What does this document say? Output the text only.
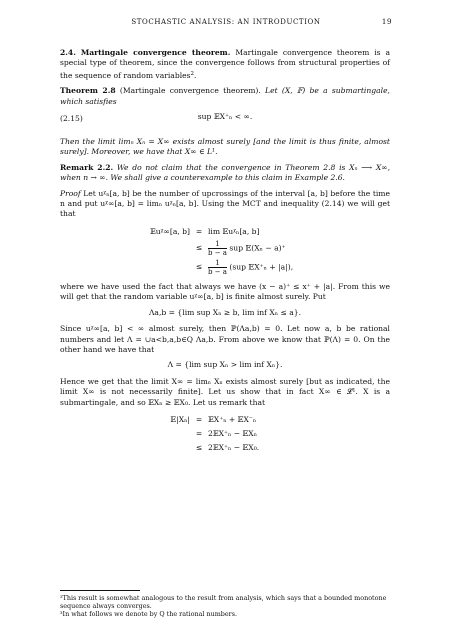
STOCHASTIC ANALYSIS: AN INTRODUCTION	19

2.4. Martingale convergence theorem. Martingale convergence theorem is a special type of theorem, since the convergence follows from structural properties of the sequence of random variables$^2$.

Theorem 2.8 (Martingale convergence theorem). Let (X, 𝔽) be a submartingale, which satisfies

(2.15)	sup 𝔼X⁺ₙ < ∞.

Then the limit limₙ Xₙ = X∞ exists almost surely [and the limit is thus finite, almost surely]. Moreover, we have that X∞ ∈ L¹.

Remark 2.2. We do not claim that the convergence in Theorem 2.8 is Xₙ ⟶ X∞, when n → ∞. We shall give a counterexample to this claim in Example 2.6.

Proof Let uᵡₙ[a, b] be the number of upcrossings of the interval [a, b] before the time n and put uᵡ∞[a, b] = limₙ uᵡₙ[a, b]. Using the MCT and inequality (2.14) we will get that

𝔼uᵡ∞[a, b] = lim 𝔼uᵡₙ[a, b]
≤ $\frac{1}{b - a}$ sup 𝔼(Xₙ − a)⁺
≤ $\frac{1}{b - a} (sup$ 𝔼X⁺ₙ + |a|),

where we have used the fact that always we have (x − a)⁺ ≤ x⁺ + |a|. From this we will get that the random variable uᵡ∞[a, b] is finite almost surely. Put

Λa,b = {lim sup Xₙ ≥ b, lim inf Xₙ ≤ a}.

Since uᵡ∞[a, b] < ∞ almost surely, then ℙ(Λa,b) = 0. Let now a, b be rational numbers and let Λ = ∪a<b,a,b∈Q Λa,b. From above we know that ℙ(Λ) = 0. On the other hand we have that

Λ = {lim sup Xₙ > lim inf Xₙ}.

Hence we get that the limit X∞ = limₙ Xₙ exists almost surely [but as indicated, the limit X∞ is not necessarily finite]. Let us show that in fact X∞ ∈ 𝓛¹. X is a submartingale, and so 𝔼Xₙ ≥ 𝔼X₀. Let us remark that

𝔼|Xₙ| = 𝔼X⁺ₙ + 𝔼X⁻ₙ
= 2𝔼X⁺ₙ − 𝔼Xₙ
≤ 2𝔼X⁺ₙ − 𝔼X₀.
²This result is somewhat analogous to the result from analysis, which says that a bounded monotone sequence always converges.
³In what follows we denote by Q the rational numbers.
